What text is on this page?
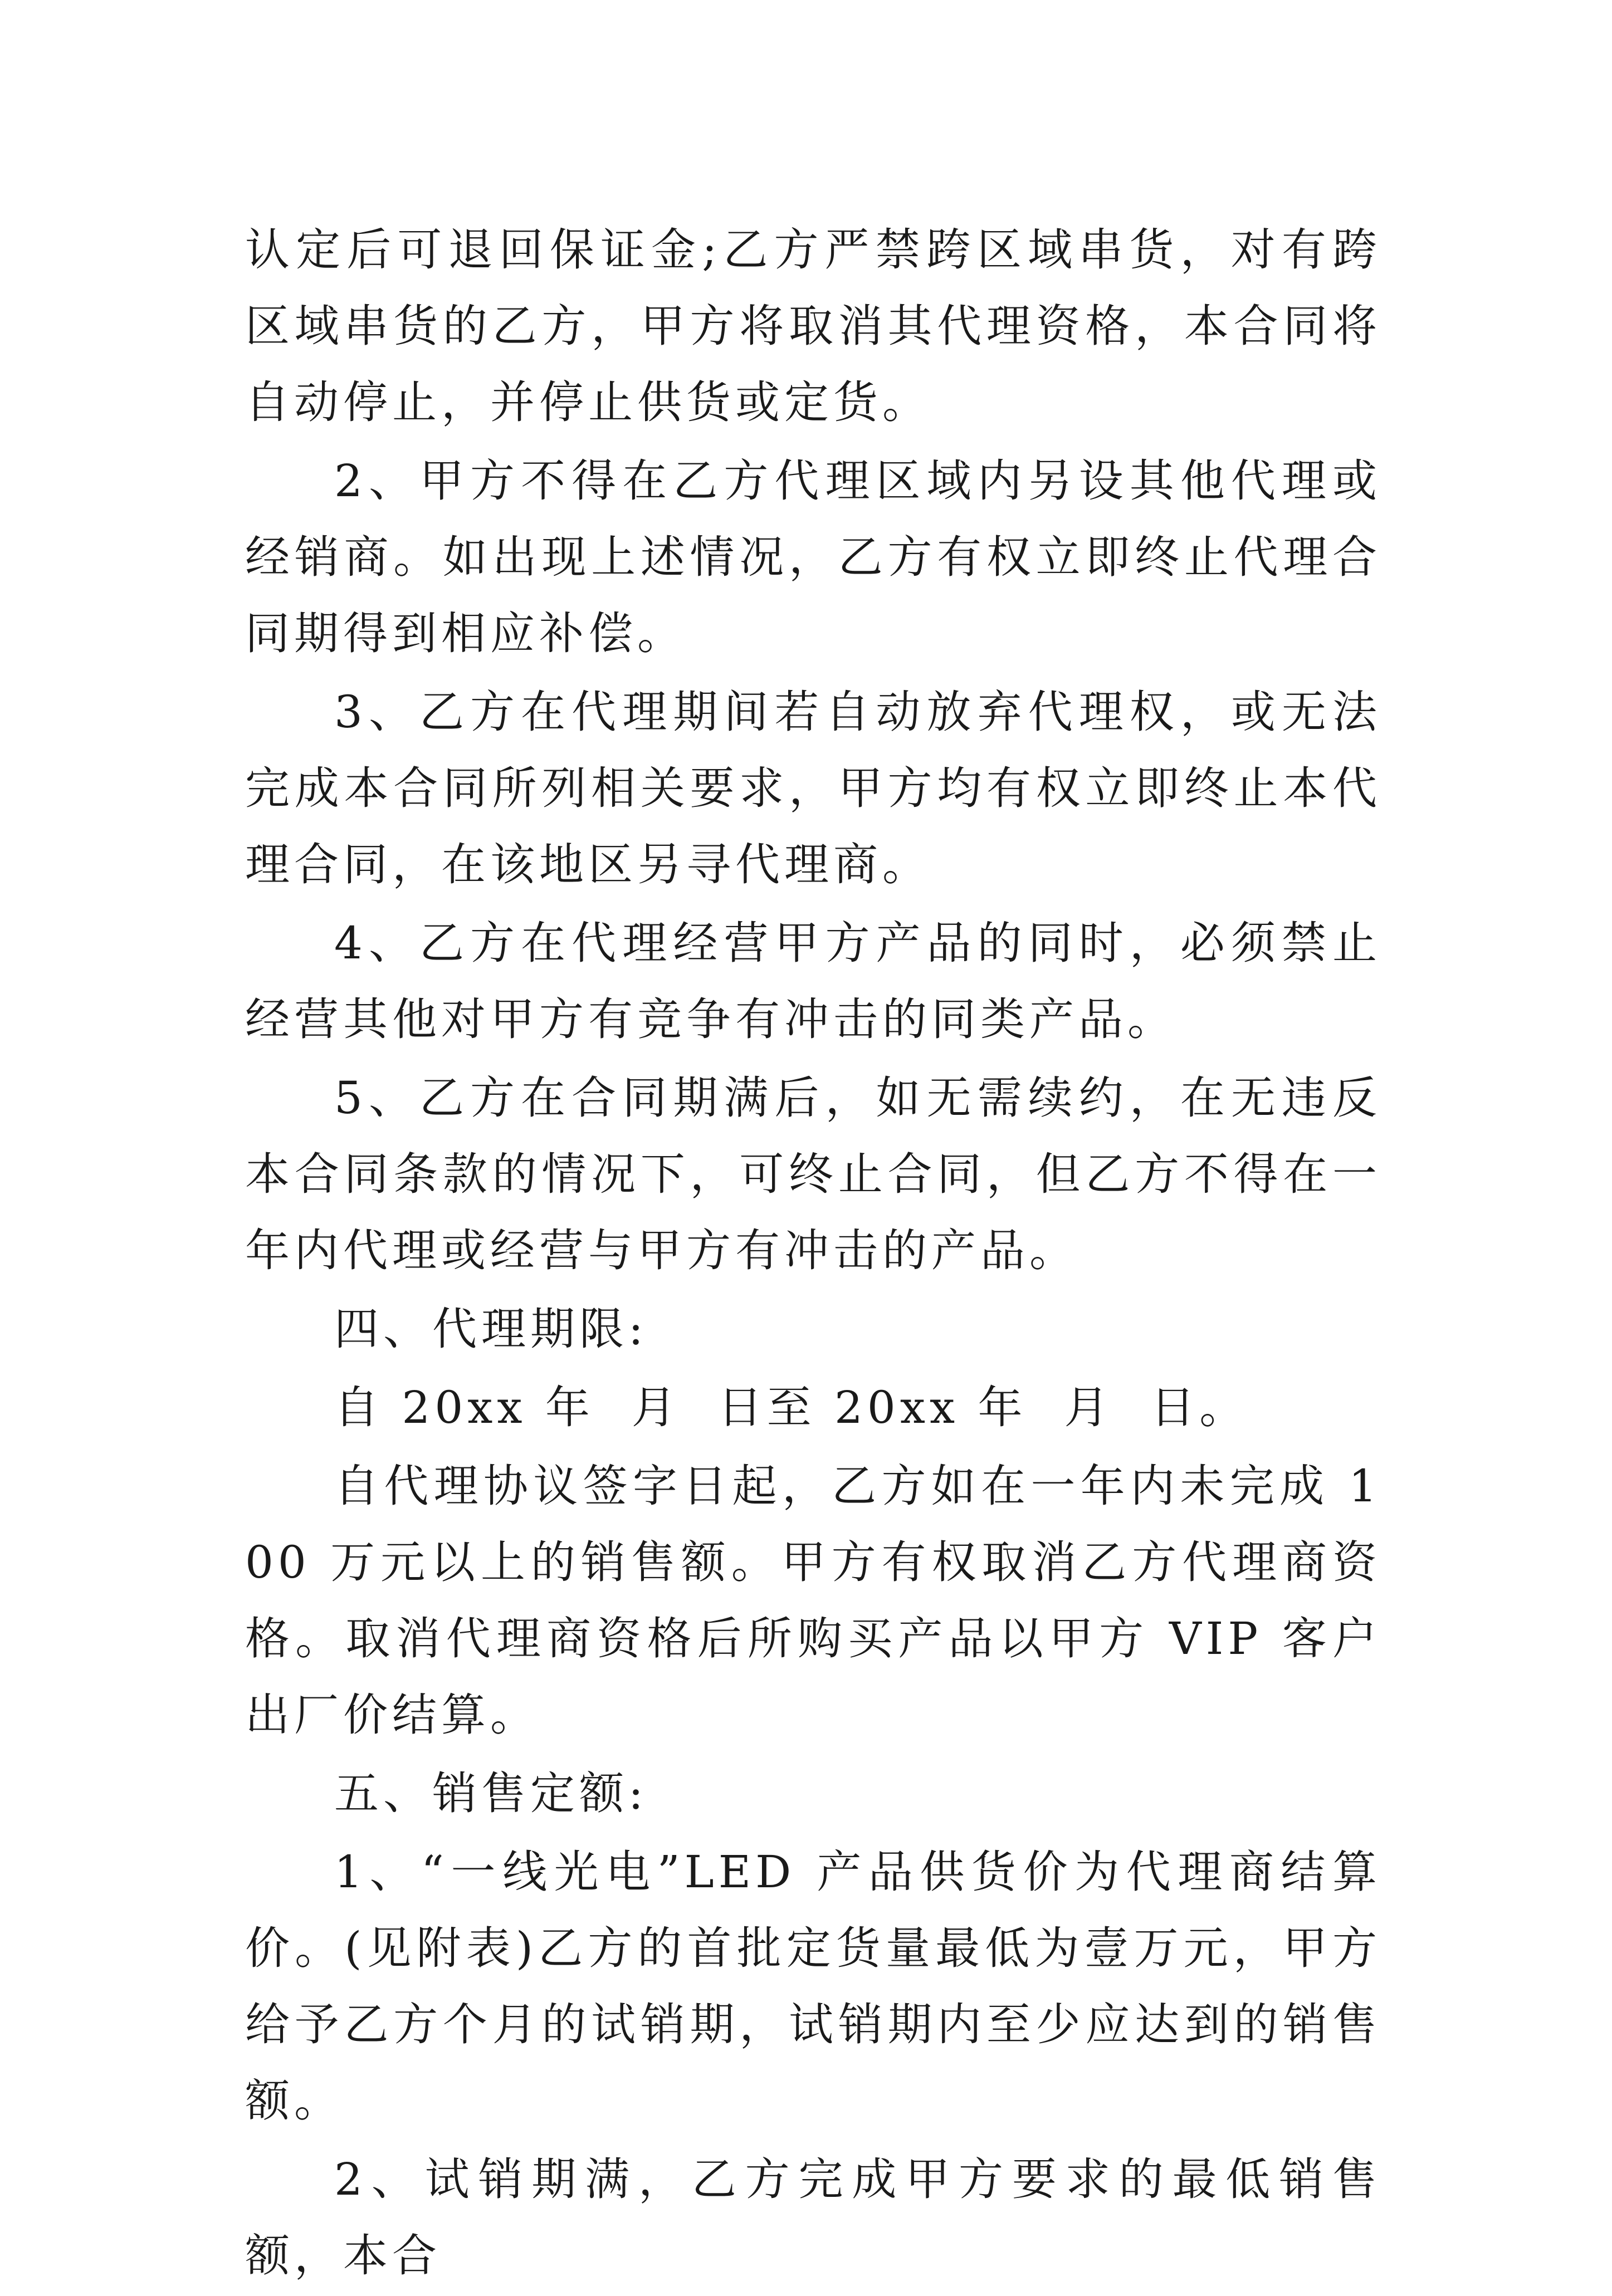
认定后可退回保证金;乙方严禁跨区域串货，对有跨区域串货的乙方，甲方将取消其代理资格，本合同将自动停止，并停止供货或定货。

2、甲方不得在乙方代理区域内另设其他代理或经销商。如出现上述情况，乙方有权立即终止代理合同期得到相应补偿。

3、乙方在代理期间若自动放弃代理权，或无法完成本合同所列相关要求，甲方均有权立即终止本代理合同，在该地区另寻代理商。

4、乙方在代理经营甲方产品的同时，必须禁止经营其他对甲方有竞争有冲击的同类产品。

5、乙方在合同期满后，如无需续约，在无违反本合同条款的情况下，可终止合同，但乙方不得在一年内代理或经营与甲方有冲击的产品。

四、代理期限:

自 20xx 年  月  日至 20xx 年  月  日。

自代理协议签字日起，乙方如在一年内未完成 100 万元以上的销售额。甲方有权取消乙方代理商资格。取消代理商资格后所购买产品以甲方 VIP 客户出厂价结算。

五、销售定额:

1、“一线光电”LED 产品供货价为代理商结算价。(见附表)乙方的首批定货量最低为壹万元，甲方给予乙方个月的试销期，试销期内至少应达到的销售额。

2、试销期满，乙方完成甲方要求的最低销售额，本合
